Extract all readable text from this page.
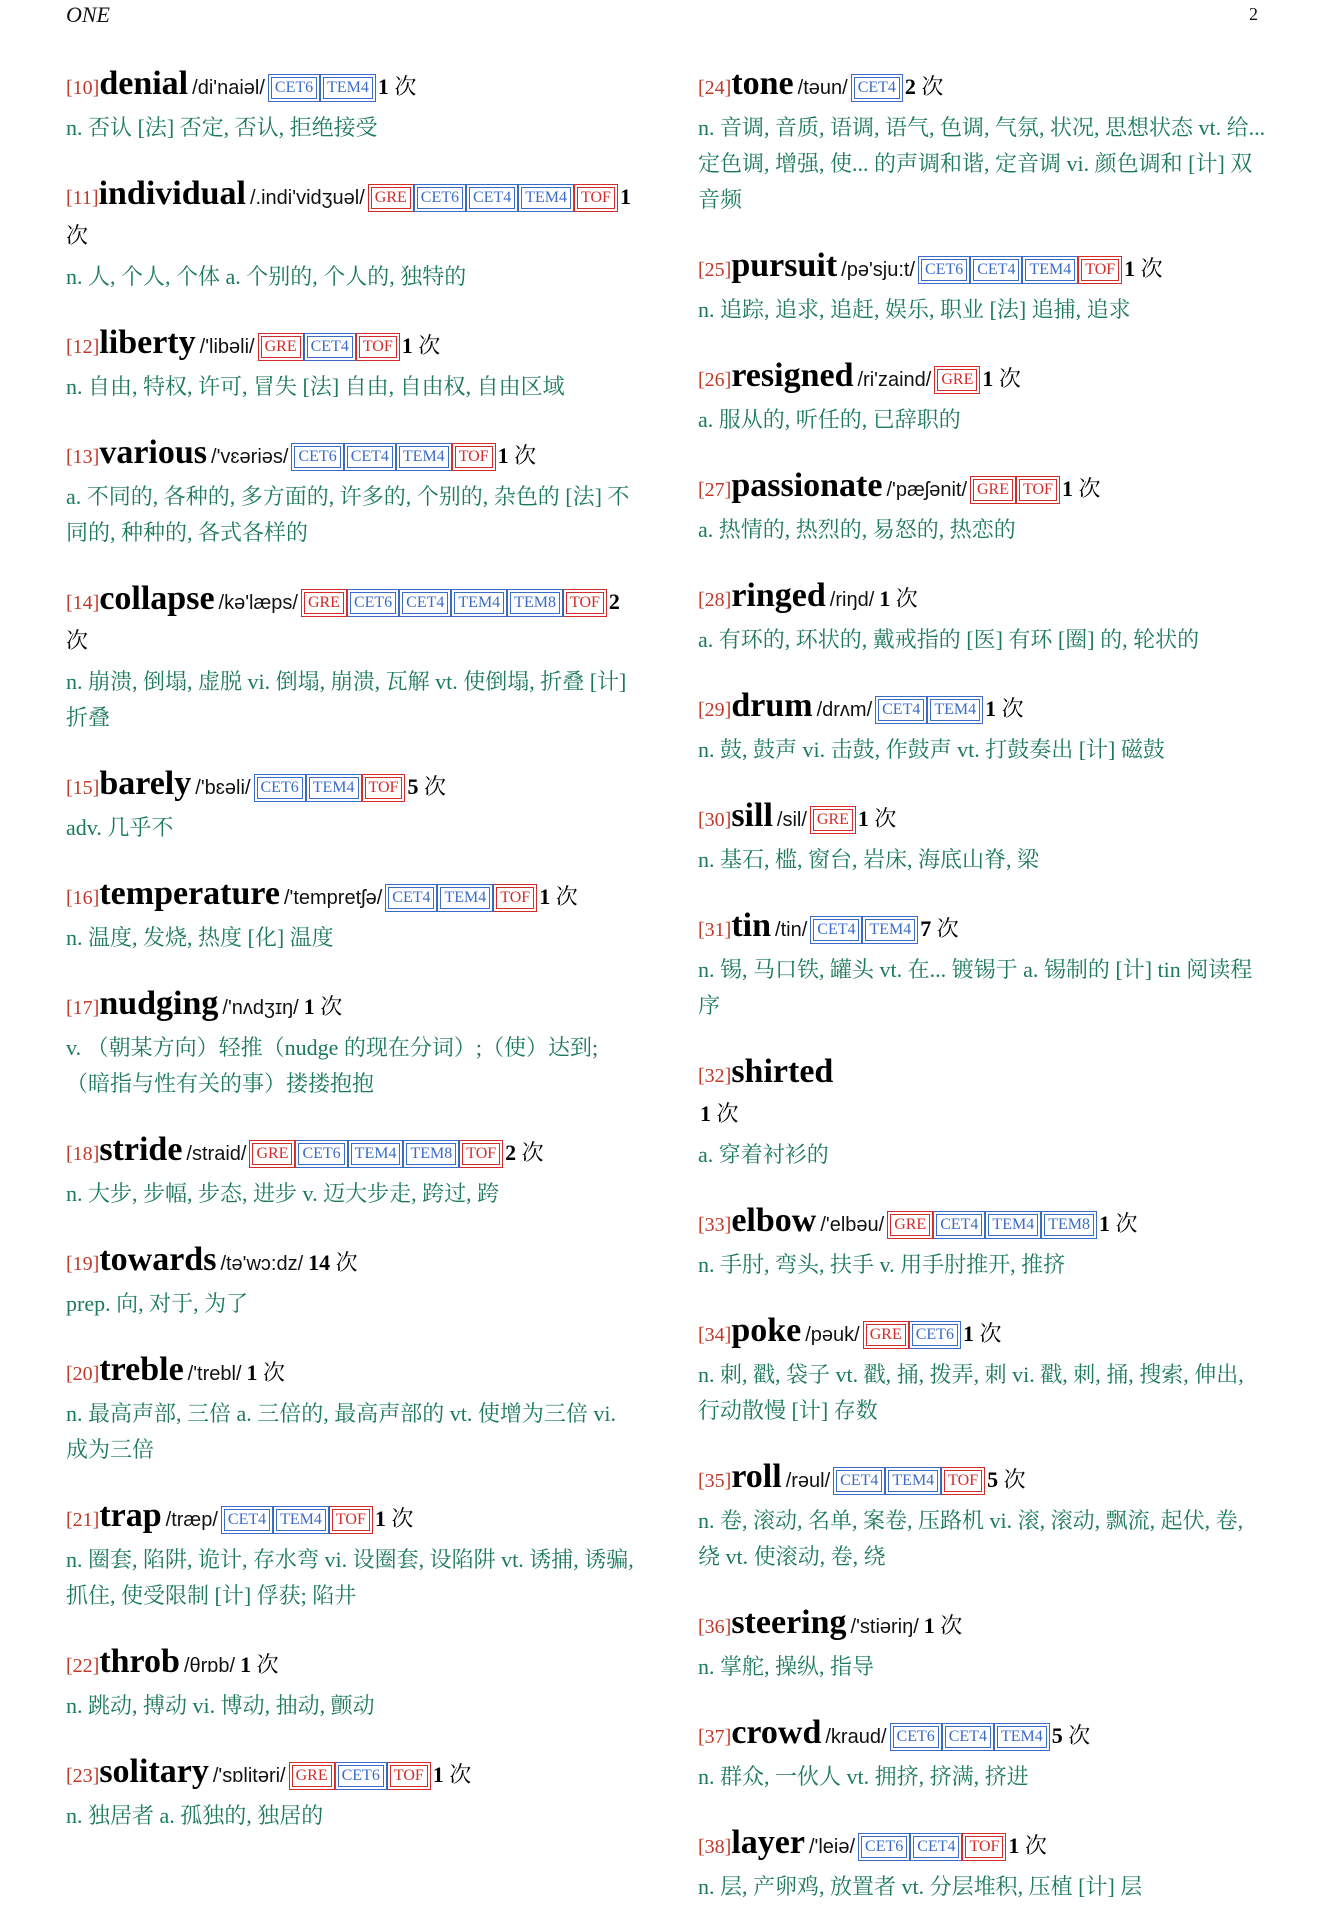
ONE	2
[10]denial /di'naiəl/ CET6 TEM4 1 次
n. 否认 [法] 否定, 否认, 拒绝接受
[11]individual /.indi'vidʒuəl/ GRE CET6 CET4 TEM4 TOF 1 次
n. 人, 个人, 个体 a. 个别的, 个人的, 独特的
[12]liberty /'libəli/ GRE CET4 TOF 1 次
n. 自由, 特权, 许可, 冒失 [法] 自由, 自由权, 自由区域
[13]various /'vɛəriəs/ CET6 CET4 TEM4 TOF 1 次
a. 不同的, 各种的, 多方面的, 许多的, 个别的, 杂色的 [法] 不同的, 种种的, 各式各样的
[14]collapse /kə'læps/ GRE CET6 CET4 TEM4 TEM8 TOF 2 次
n. 崩溃, 倒塌, 虚脱 vi. 倒塌, 崩溃, 瓦解 vt. 使倒塌, 折叠 [计] 折叠
[15]barely /'bɛəli/ CET6 TEM4 TOF 5 次
adv. 几乎不
[16]temperature /'tempretʃə/ CET4 TEM4 TOF 1 次
n. 温度, 发烧, 热度 [化] 温度
[17]nudging /'nʌdʒɪŋ/ 1 次
v. （朝某方向）轻推（nudge 的现在分词）;（使）达到;（暗指与性有关的事）搂搂抱抱
[18]stride /straid/ GRE CET6 TEM4 TEM8 TOF 2 次
n. 大步, 步幅, 步态, 进步 v. 迈大步走, 跨过, 跨
[19]towards /tə'wɔ:dz/ 14 次
prep. 向, 对于, 为了
[20]treble /'trebl/ 1 次
n. 最高声部, 三倍 a. 三倍的, 最高声部的 vt. 使增为三倍 vi. 成为三倍
[21]trap /træp/ CET4 TEM4 TOF 1 次
n. 圈套, 陷阱, 诡计, 存水弯 vi. 设圈套, 设陷阱 vt. 诱捕, 诱骗, 抓住, 使受限制 [计] 俘获; 陷井
[22]throb /θrɒb/ 1 次
n. 跳动, 搏动 vi. 博动, 抽动, 颤动
[23]solitary /'sɒlitəri/ GRE CET6 TOF 1 次
n. 独居者 a. 孤独的, 独居的
[24]tone /təun/ CET4 2 次
n. 音调, 音质, 语调, 语气, 色调, 气氛, 状况, 思想状态 vt. 给... 定色调, 增强, 使... 的声调和谐, 定音调 vi. 颜色调和 [计] 双音频
[25]pursuit /pə'sju:t/ CET6 CET4 TEM4 TOF 1 次
n. 追踪, 追求, 追赶, 娱乐, 职业 [法] 追捕, 追求
[26]resigned /ri'zaind/ GRE 1 次
a. 服从的, 听任的, 已辞职的
[27]passionate /'pæʃənit/ GRE TOF 1 次
a. 热情的, 热烈的, 易怒的, 热恋的
[28]ringed /riŋd/ 1 次
a. 有环的, 环状的, 戴戒指的 [医] 有环 [圈] 的, 轮状的
[29]drum /drʌm/ CET4 TEM4 1 次
n. 鼓, 鼓声 vi. 击鼓, 作鼓声 vt. 打鼓奏出 [计] 磁鼓
[30]sill /sil/ GRE 1 次
n. 基石, 槛, 窗台, 岩床, 海底山脊, 梁
[31]tin /tin/ CET4 TEM4 7 次
n. 锡, 马口铁, 罐头 vt. 在... 镀锡于 a. 锡制的 [计] tin 阅读程序
[32]shirted
1 次
a. 穿着衬衫的
[33]elbow /'elbəu/ GRE CET4 TEM4 TEM8 1 次
n. 手肘, 弯头, 扶手 v. 用手肘推开, 推挤
[34]poke /pəuk/ GRE CET6 1 次
n. 刺, 戳, 袋子 vt. 戳, 捅, 拨弄, 刺 vi. 戳, 刺, 捅, 搜索, 伸出, 行动散慢 [计] 存数
[35]roll /rəul/ CET4 TEM4 TOF 5 次
n. 卷, 滚动, 名单, 案卷, 压路机 vi. 滚, 滚动, 飘流, 起伏, 卷, 绕 vt. 使滚动, 卷, 绕
[36]steering /'stiəriŋ/ 1 次
n. 掌舵, 操纵, 指导
[37]crowd /kraud/ CET6 CET4 TEM4 5 次
n. 群众, 一伙人 vt. 拥挤, 挤满, 挤进
[38]layer /'leiə/ CET6 CET4 TOF 1 次
n. 层, 产卵鸡, 放置者 vt. 分层堆积, 压植 [计] 层
